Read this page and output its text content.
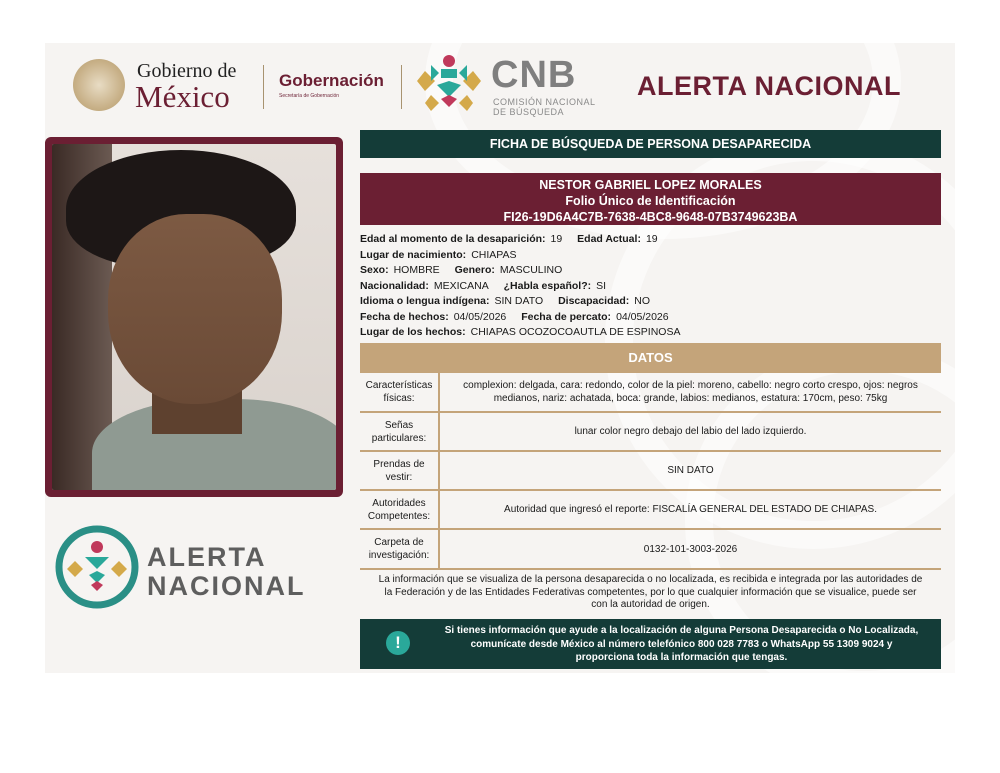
Gobierno de
México	Gobernación
Secretaría de Gobernación	CNB
COMISIÓN NACIONAL
DE BÚSQUEDA
ALERTA NACIONAL
ALERTA
NACIONAL
FICHA DE BÚSQUEDA DE PERSONA DESAPARECIDA
NESTOR GABRIEL LOPEZ MORALES
Folio Único de Identificación
FI26-19D6A4C7B-7638-4BC8-9648-07B3749623BA
Edad al momento de la desaparición: 19 Edad Actual: 19
Lugar de nacimiento: CHIAPAS
Sexo: HOMBRE Genero: MASCULINO
Nacionalidad: MEXICANA ¿Habla español?: SI
Idioma o lengua indígena: SIN DATO Discapacidad: NO
Fecha de hechos: 04/05/2026 Fecha de percato: 04/05/2026
Lugar de los hechos: CHIAPAS OCOZOCOAUTLA DE ESPINOSA
DATOS
Características
físicas:
complexion: delgada, cara: redondo, color de la piel: moreno, cabello: negro corto crespo, ojos: negros medianos, nariz: achatada, boca: grande, labios: medianos, estatura: 170cm, peso: 75kg
Señas
particulares:
lunar color negro debajo del labio del lado izquierdo.
Prendas de
vestir:
SIN DATO
Autoridades
Competentes:
Autoridad que ingresó el reporte: FISCALÍA GENERAL DEL ESTADO DE CHIAPAS.
Carpeta de
investigación:
0132-101-3003-2026
La información que se visualiza de la persona desaparecida o no localizada, es recibida e integrada por las autoridades de
la Federación y de las Entidades Federativas competentes, por lo que cualquier información que se visualice, puede ser
con la autoridad de origen.
!
Si tienes información que ayude a la localización de alguna Persona Desaparecida o No Localizada,
comunícate desde México al número telefónico 800 028 7783 o WhatsApp 55 1309 9024 y
proporciona toda la información que tengas.
